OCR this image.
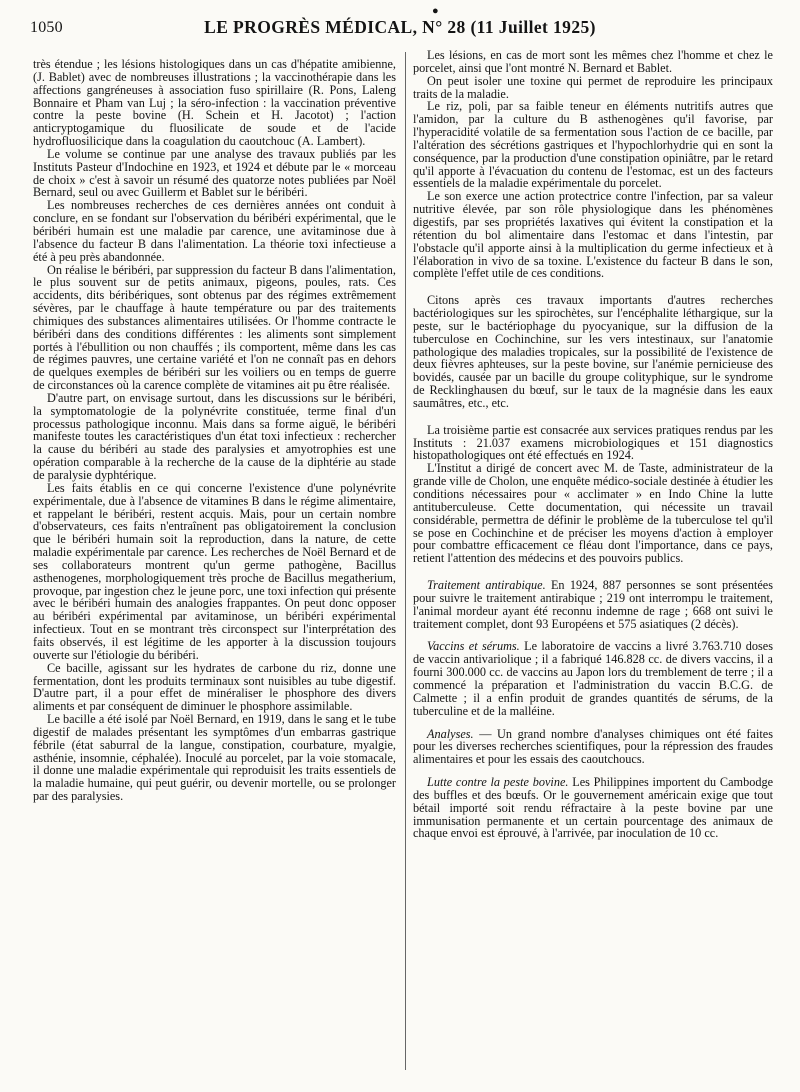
1050
●
LE PROGRÈS MÉDICAL, N° 28 (11 Juillet 1925)

très étendue ; les lésions histologiques dans un cas d'hépatite amibienne, (J. Bablet) avec de nombreuses illustrations ; la vaccinothérapie dans les affections gangréneuses à association fuso spirillaire (R. Pons, Laleng Bonnaire et Pham van Luj ; la séro-infection : la vaccination préventive contre la peste bovine (H. Schein et H. Jacotot) ; l'action anticryptogamique du fluosilicate de soude et de l'acide hydrofluosilicique dans la coagulation du caoutchouc (A. Lambert).

Le volume se continue par une analyse des travaux publiés par les Instituts Pasteur d'Indochine en 1923, et 1924 et débute par le « morceau de choix » c'est à savoir un résumé des quatorze notes publiées par Noël Bernard, seul ou avec Guillerm et Bablet sur le béribéri.

Les nombreuses recherches de ces dernières années ont conduit à conclure, en se fondant sur l'observation du béribéri expérimental, que le béribéri humain est une maladie par carence, une avitaminose due à l'absence du facteur B dans l'alimentation. La théorie toxi infectieuse a été à peu près abandonnée.

On réalise le béribéri, par suppression du facteur B dans l'alimentation, le plus souvent sur de petits animaux, pigeons, poules, rats. Ces accidents, dits béribériques, sont obtenus par des régimes extrêmement sévères, par le chauffage à haute température ou par des traitements chimiques des substances alimentaires utilisées. Or l'homme contracte le béribéri dans des conditions différentes : les aliments sont simplement portés à l'ébullition ou non chauffés ; ils comportent, même dans les cas de régimes pauvres, une certaine variété et l'on ne connaît pas en dehors de quelques exemples de béribéri sur les voiliers ou en temps de guerre de circonstances où la carence complète de vitamines ait pu être réalisée.

D'autre part, on envisage surtout, dans les discussions sur le béribéri, la symptomatologie de la polynévrite constituée, terme final d'un processus pathologique inconnu. Mais dans sa forme aiguë, le béribéri manifeste toutes les caractéristiques d'un état toxi infectieux : rechercher la cause du béribéri au stade des paralysies et amyotrophies est une opération comparable à la recherche de la cause de la diphtérie au stade de paralysie dyphtérique.

Les faits établis en ce qui concerne l'existence d'une polynévrite expérimentale, due à l'absence de vitamines B dans le régime alimentaire, et rappelant le béribéri, restent acquis. Mais, pour un certain nombre d'observateurs, ces faits n'entraînent pas obligatoirement la conclusion que le béribéri humain soit la reproduction, dans la nature, de cette maladie expérimentale par carence. Les recherches de Noël Bernard et de ses collaborateurs montrent qu'un germe pathogène, Bacillus asthenogenes, morphologiquement très proche de Bacillus megatherium, provoque, par ingestion chez le jeune porc, une toxi infection qui présente avec le béribéri humain des analogies frappantes. On peut donc opposer au béribéri expérimental par avitaminose, un béribéri expérimental infectieux. Tout en se montrant très circonspect sur l'interprétation des faits observés, il est légitime de les apporter à la discussion toujours ouverte sur l'étiologie du béribéri.

Ce bacille, agissant sur les hydrates de carbone du riz, donne une fermentation, dont les produits terminaux sont nuisibles au tube digestif. D'autre part, il a pour effet de minéraliser le phosphore des divers aliments et par conséquent de diminuer le phosphore assimilable.

Le bacille a été isolé par Noël Bernard, en 1919, dans le sang et le tube digestif de malades présentant les symptômes d'un embarras gastrique fébrile (état saburral de la langue, constipation, courbature, myalgie, asthénie, insomnie, céphalée). Inoculé au porcelet, par la voie stomacale, il donne une maladie expérimentale qui reproduisit les traits essentiels de la maladie humaine, qui peut guérir, ou devenir mortelle, ou se prolonger par des paralysies.

Les lésions, en cas de mort sont les mêmes chez l'homme et chez le porcelet, ainsi que l'ont montré N. Bernard et Bablet.

On peut isoler une toxine qui permet de reproduire les principaux traits de la maladie.

Le riz, poli, par sa faible teneur en éléments nutritifs autres que l'amidon, par la culture du B asthenogènes qu'il favorise, par l'hyperacidité volatile de sa fermentation sous l'action de ce bacille, par l'altération des sécrétions gastriques et l'hypochlorhydrie qui en sont la conséquence, par la production d'une constipation opiniâtre, par le retard qu'il apporte à l'évacuation du contenu de l'estomac, est un des facteurs essentiels de la maladie expérimentale du porcelet.

Le son exerce une action protectrice contre l'infection, par sa valeur nutritive élevée, par son rôle physiologique dans les phénomènes digestifs, par ses propriétés laxatives qui évitent la constipation et la rétention du bol alimentaire dans l'estomac et dans l'intestin, par l'obstacle qu'il apporte ainsi à la multiplication du germe infectieux et à l'élaboration in vivo de sa toxine. L'existence du facteur B dans le son, complète l'effet utile de ces conditions.

Citons après ces travaux importants d'autres recherches bactériologiques sur les spirochètes, sur l'encéphalite léthargique, sur la peste, sur le bactériophage du pyocyanique, sur la diffusion de la tuberculose en Cochinchine, sur les vers intestinaux, sur l'anatomie pathologique des maladies tropicales, sur la possibilité de l'existence de deux fièvres aphteuses, sur la peste bovine, sur l'anémie pernicieuse des bovidés, causée par un bacille du groupe colityphique, sur le syndrome de Recklinghausen du bœuf, sur le taux de la magnésie dans les eaux saumâtres, etc., etc.

La troisième partie est consacrée aux services pratiques rendus par les Instituts : 21.037 examens microbiologiques et 151 diagnostics histopathologiques ont été effectués en 1924.

L'Institut a dirigé de concert avec M. de Taste, administrateur de la grande ville de Cholon, une enquête médico-sociale destinée à étudier les conditions nécessaires pour « acclimater » en Indo Chine la lutte antituberculeuse. Cette documentation, qui nécessite un travail considérable, permettra de définir le problème de la tuberculose tel qu'il se pose en Cochinchine et de préciser les moyens d'action à employer pour combattre efficacement ce fléau dont l'importance, dans ce pays, retient l'attention des médecins et des pouvoirs publics.

Traitement antirabique. En 1924, 887 personnes se sont présentées pour suivre le traitement antirabique ; 219 ont interrompu le traitement, l'animal mordeur ayant été reconnu indemne de rage ; 668 ont suivi le traitement complet, dont 93 Européens et 575 asiatiques (2 décès).

Vaccins et sérums. Le laboratoire de vaccins a livré 3.763.710 doses de vaccin antivariolique ; il a fabriqué 146.828 cc. de divers vaccins, il a fourni 300.000 cc. de vaccins au Japon lors du tremblement de terre ; il a commencé la préparation et l'administration du vaccin B.C.G. de Calmette ; il a enfin produit de grandes quantités de sérums, de la tuberculine et de la malléine.

Analyses. — Un grand nombre d'analyses chimiques ont été faites pour les diverses recherches scientifiques, pour la répression des fraudes alimentaires et pour les essais des caoutchoucs.

Lutte contre la peste bovine. Les Philippines importent du Cambodge des buffles et des bœufs. Or le gouvernement américain exige que tout bétail importé soit rendu réfractaire à la peste bovine par une immunisation permanente et un certain pourcentage des animaux de chaque envoi est éprouvé, à l'arrivée, par inoculation de 10 cc.
